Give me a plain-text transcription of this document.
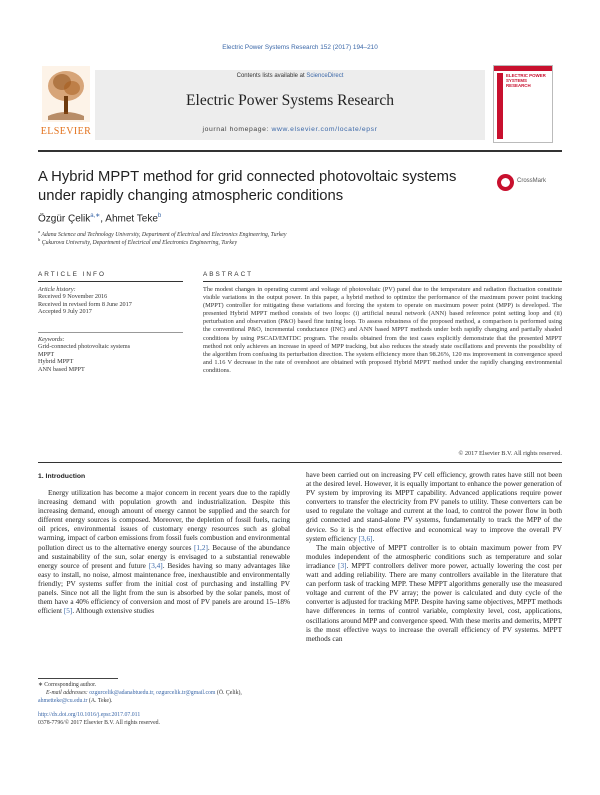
Electric Power Systems Research 152 (2017) 194–210
ELSEVIER
Contents lists available at ScienceDirect
Electric Power Systems Research
journal homepage: www.elsevier.com/locate/epsr
ELECTRIC POWER SYSTEMS RESEARCH
A Hybrid MPPT method for grid connected photovoltaic systems under rapidly changing atmospheric conditions
CrossMark
Özgür Çelik$^{a,∗}$, Ahmet Teke$^b$
$^a$ Adana Science and Technology University, Department of Electrical and Electronics Engineering, Turkey
$^b$ Çukurova University, Department of Electrical and Electronics Engineering, Turkey
ARTICLE INFO	ABSTRACT
Article history:
Received 9 November 2016
Received in revised form 8 June 2017
Accepted 9 July 2017
Keywords:
Grid-connected photovoltaic systems
MPPT
Hybrid MPPT
ANN based MPPT
The modest changes in operating current and voltage of photovoltaic (PV) panel due to the temperature and radiation fluctuation constitute visible variations in the output power. In this paper, a hybrid method to optimize the performance of the maximum power point tracking (MPPT) controller for mitigating these variations and forcing the system to operate on maximum power point (MPP) is developed. The presented Hybrid MPPT method consists of two loops: (i) artificial neural network (ANN) based reference point setting loop and (ii) perturbation and observation (P&O) based fine tuning loop. To assess robustness of the proposed method, a comparison is performed using the conventional P&O, incremental conductance (INC) and ANN based MPPT methods under both rapidly changing and partially shaded conditions by using PSCAD/EMTDC program. The results obtained from the test cases explicitly demonstrate that the presented MPPT method not only achieves an increase in speed of MPP tracking, but also reduces the steady state oscillations and prevents the possibility of the algorithm from confusing its perturbation direction. The system efficiency more than 98.26%, 120 ms improvement in convergence speed and 1.16 V decrease in the rate of overshoot are obtained with proposed Hybrid MPPT method under the rapidly changing environmental conditions.
© 2017 Elsevier B.V. All rights reserved.
1. Introduction

Energy utilization has become a major concern in recent years due to the rapidly increasing demand with population growth and industrialization. Despite this increasing demand, enough amount of energy cannot be supplied and the search for different energy sources is composed. Moreover, the depletion of fossil fuels, racing oil prices, environmental issues of customary energy resources such as global warming, impact of carbon emissions from fossil fuels combustion and environmental pollution direct us to the alternative energy sources [1,2]. Because of the abundance and sustainability of the sun, solar energy is envisaged to a substantial renewable energy source of present and future [3,4]. Besides having so many advantages like easy to install, no noise, almost maintenance free, inexhaustible and environmentally friendly; PV systems suffer from the initial cost of purchasing and installing PV panels. Since not all the light from the sun is absorbed by the solar panels, most of them have a 40% efficiency of conversion and most of PV panels are around 15–18% efficient [5]. Although extensive studies

have been carried out on increasing PV cell efficiency, growth rates have still not been at the desired level. However, it is equally important to enhance the power generation of PV system by improving its MPPT capability. Advanced applications require power converters to transfer the electricity from PV panels to utility. These converters can be used to regulate the voltage and current at the load, to control the power flow in both grid connected and stand-alone PV systems, fundamentally to track the MPP of the device. So it is the most effective and economical way to improve the overall PV system efficiency [3,6].

The main objective of MPPT controller is to obtain maximum power from PV modules independent of the atmospheric conditions such as temperature and solar irradiance [3]. MPPT controllers deliver more power, actually lowering the cost per watt and adding reliability. There are many controllers available in the literature that can perform task of tracking MPP. These MPPT algorithms generally use the measured voltage and current of the PV array; the power is calculated and duty cycle of the converter is adjusted for tracking MPP. Despite having same objectives, MPPT methods have differences in terms of control variable, complexity level, cost, applications, oscillations around MPP and convergence speed. With these merits and demerits, MPPT is the most effective ways to increase the overall efficiency of PV systems. MPPT methods can

∗ Corresponding author.
E-mail addresses: ozgurcelik@adanabtuedu.tr, ozgurcelik.tr@gmail.com (Ö. Çelik),
ahmetteke@cu.edu.tr (A. Teke).
http://dx.doi.org/10.1016/j.epsr.2017.07.011
0378-7796/© 2017 Elsevier B.V. All rights reserved.
